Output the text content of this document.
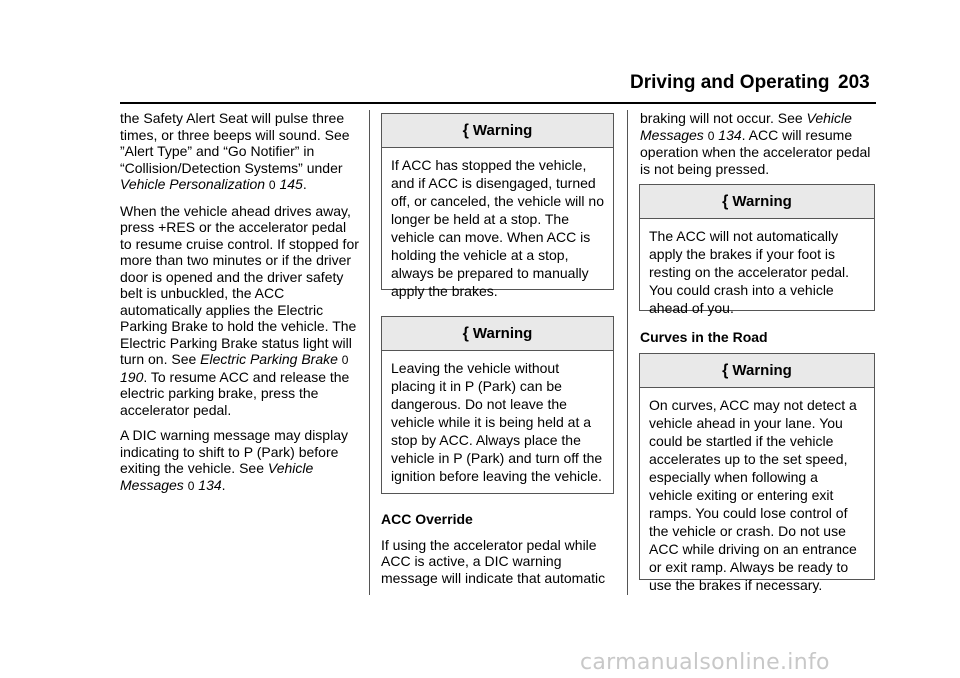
Driving and Operating 203

the Safety Alert Seat will pulse three times, or three beeps will sound. See ”Alert Type” and “Go Notifier” in “Collision/Detection Systems” under Vehicle Personalization 0 145.

When the vehicle ahead drives away, press +RES or the accelerator pedal to resume cruise control. If stopped for more than two minutes or if the driver door is opened and the driver safety belt is unbuckled, the ACC automatically applies the Electric Parking Brake to hold the vehicle. The Electric Parking Brake status light will turn on. See Electric Parking Brake 0 190. To resume ACC and release the electric parking brake, press the accelerator pedal.

A DIC warning message may display indicating to shift to P (Park) before exiting the vehicle. See Vehicle Messages 0 134.

{ Warning
If ACC has stopped the vehicle, and if ACC is disengaged, turned off, or canceled, the vehicle will no longer be held at a stop. The vehicle can move. When ACC is holding the vehicle at a stop, always be prepared to manually apply the brakes.
{ Warning
Leaving the vehicle without placing it in P (Park) can be dangerous. Do not leave the vehicle while it is being held at a stop by ACC. Always place the vehicle in P (Park) and turn off the ignition before leaving the vehicle.

ACC Override

If using the accelerator pedal while ACC is active, a DIC warning message will indicate that automatic

braking will not occur. See Vehicle Messages 0 134. ACC will resume operation when the accelerator pedal is not being pressed.

{ Warning
The ACC will not automatically apply the brakes if your foot is resting on the accelerator pedal. You could crash into a vehicle ahead of you.

Curves in the Road

{ Warning
On curves, ACC may not detect a vehicle ahead in your lane. You could be startled if the vehicle accelerates up to the set speed, especially when following a vehicle exiting or entering exit ramps. You could lose control of the vehicle or crash. Do not use ACC while driving on an entrance or exit ramp. Always be ready to use the brakes if necessary.
carmanualsonline.info
